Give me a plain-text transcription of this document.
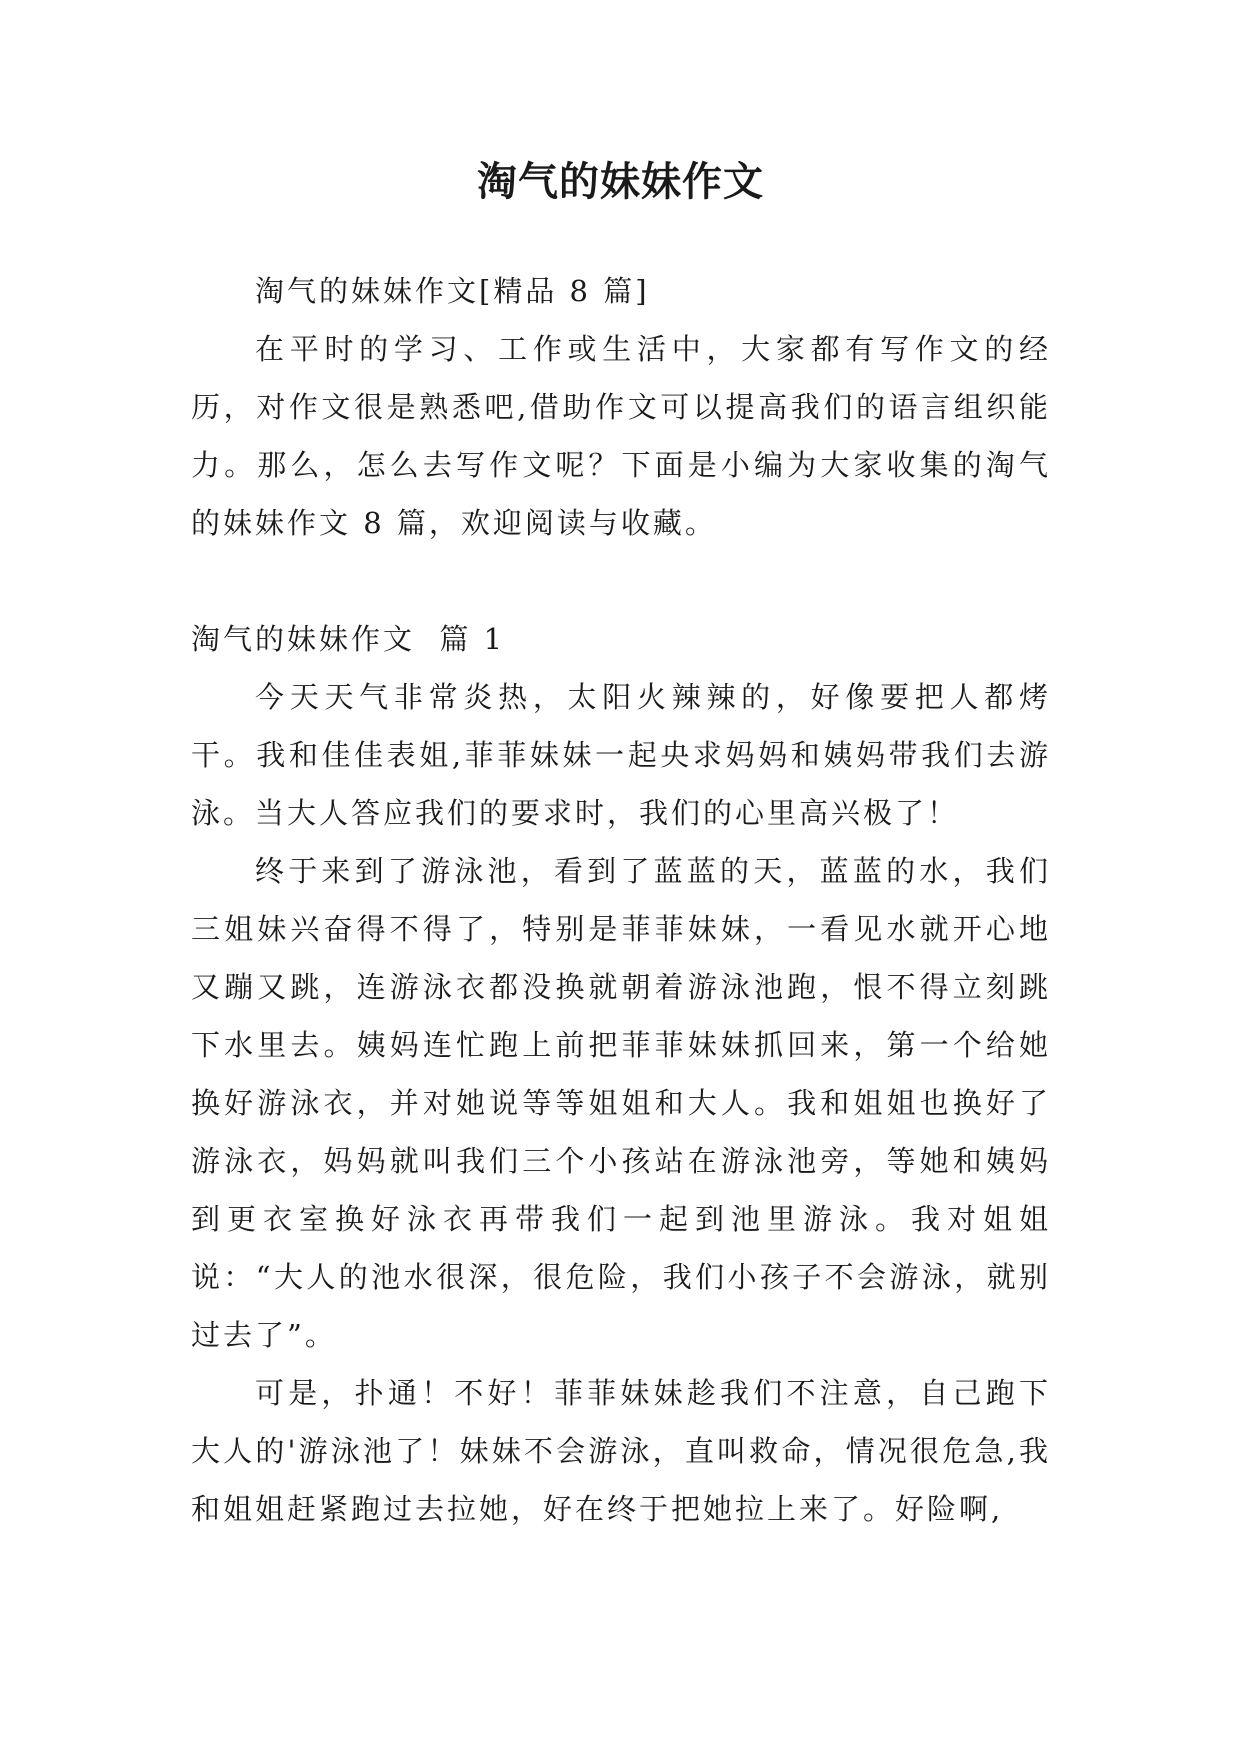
淘气的妹妹作文

淘气的妹妹作文[精品 8 篇]

在平时的学习、工作或生活中，大家都有写作文的经历，对作文很是熟悉吧,借助作文可以提高我们的语言组织能力。那么，怎么去写作文呢？下面是小编为大家收集的淘气的妹妹作文 8 篇，欢迎阅读与收藏。

淘气的妹妹作文  篇 1

今天天气非常炎热，太阳火辣辣的，好像要把人都烤干。我和佳佳表姐,菲菲妹妹一起央求妈妈和姨妈带我们去游泳。当大人答应我们的要求时，我们的心里高兴极了！

终于来到了游泳池，看到了蓝蓝的天，蓝蓝的水，我们三姐妹兴奋得不得了，特别是菲菲妹妹，一看见水就开心地又蹦又跳，连游泳衣都没换就朝着游泳池跑，恨不得立刻跳下水里去。姨妈连忙跑上前把菲菲妹妹抓回来，第一个给她换好游泳衣，并对她说等等姐姐和大人。我和姐姐也换好了游泳衣，妈妈就叫我们三个小孩站在游泳池旁，等她和姨妈到更衣室换好泳衣再带我们一起到池里游泳。我对姐姐说：“大人的池水很深，很危险，我们小孩子不会游泳，就别过去了”。

可是，扑通！不好！菲菲妹妹趁我们不注意，自己跑下大人的'游泳池了！妹妹不会游泳，直叫救命，情况很危急,我和姐姐赶紧跑过去拉她，好在终于把她拉上来了。好险啊,
